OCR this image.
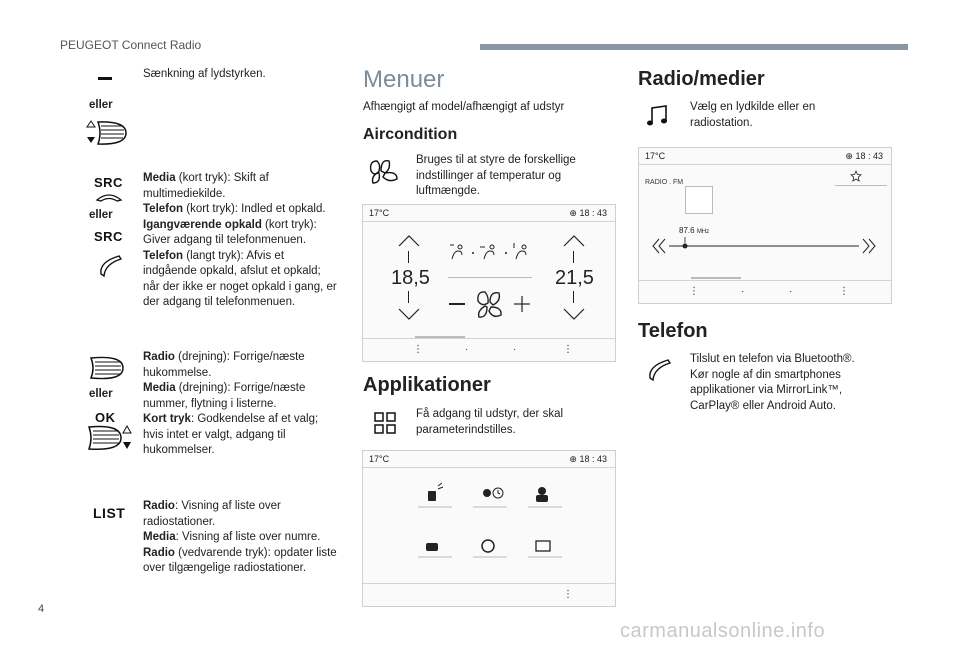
PEUGEOT Connect Radio
Sænkning af lydstyrken.
eller
SRC
eller
SRC
Media (kort tryk): Skift af multimediekilde.
Telefon (kort tryk): Indled et opkald.
Igangværende opkald (kort tryk): Giver adgang til telefonmenuen.
Telefon (langt tryk): Afvis et indgående opkald, afslut et opkald; når der ikke er noget opkald i gang, er der adgang til telefonmenuen.
eller
OK
Radio (drejning): Forrige/næste hukommelse.
Media (drejning): Forrige/næste nummer, flytning i listerne.
Kort tryk: Godkendelse af et valg; hvis intet er valgt, adgang til hukommelser.
LIST Radio: Visning af liste over radiostationer.
Media: Visning af liste over numre.
Radio (vedvarende tryk): opdater liste over tilgængelige radiostationer.
Menuer
Afhængigt af model/afhængigt af udstyr
Aircondition
Bruges til at styre de forskellige indstillinger af temperatur og luftmængde.
17°C	⊕ 18 : 43
18,5	21,5
⋮	·	·	⋮
Applikationer
Få adgang til udstyr, der skal parameterindstilles.
17°C	⊕ 18 : 43
⋮
Radio/medier
Vælg en lydkilde eller en radiostation.
17°C	⊕ 18 : 43
RADIO . FM
87.6 MHz
⋮	·	·	⋮
Telefon
Tilslut en telefon via Bluetooth®. Kør nogle af din smartphones applikationer via MirrorLink™, CarPlay® eller Android Auto.
4
carmanualsonline.info
